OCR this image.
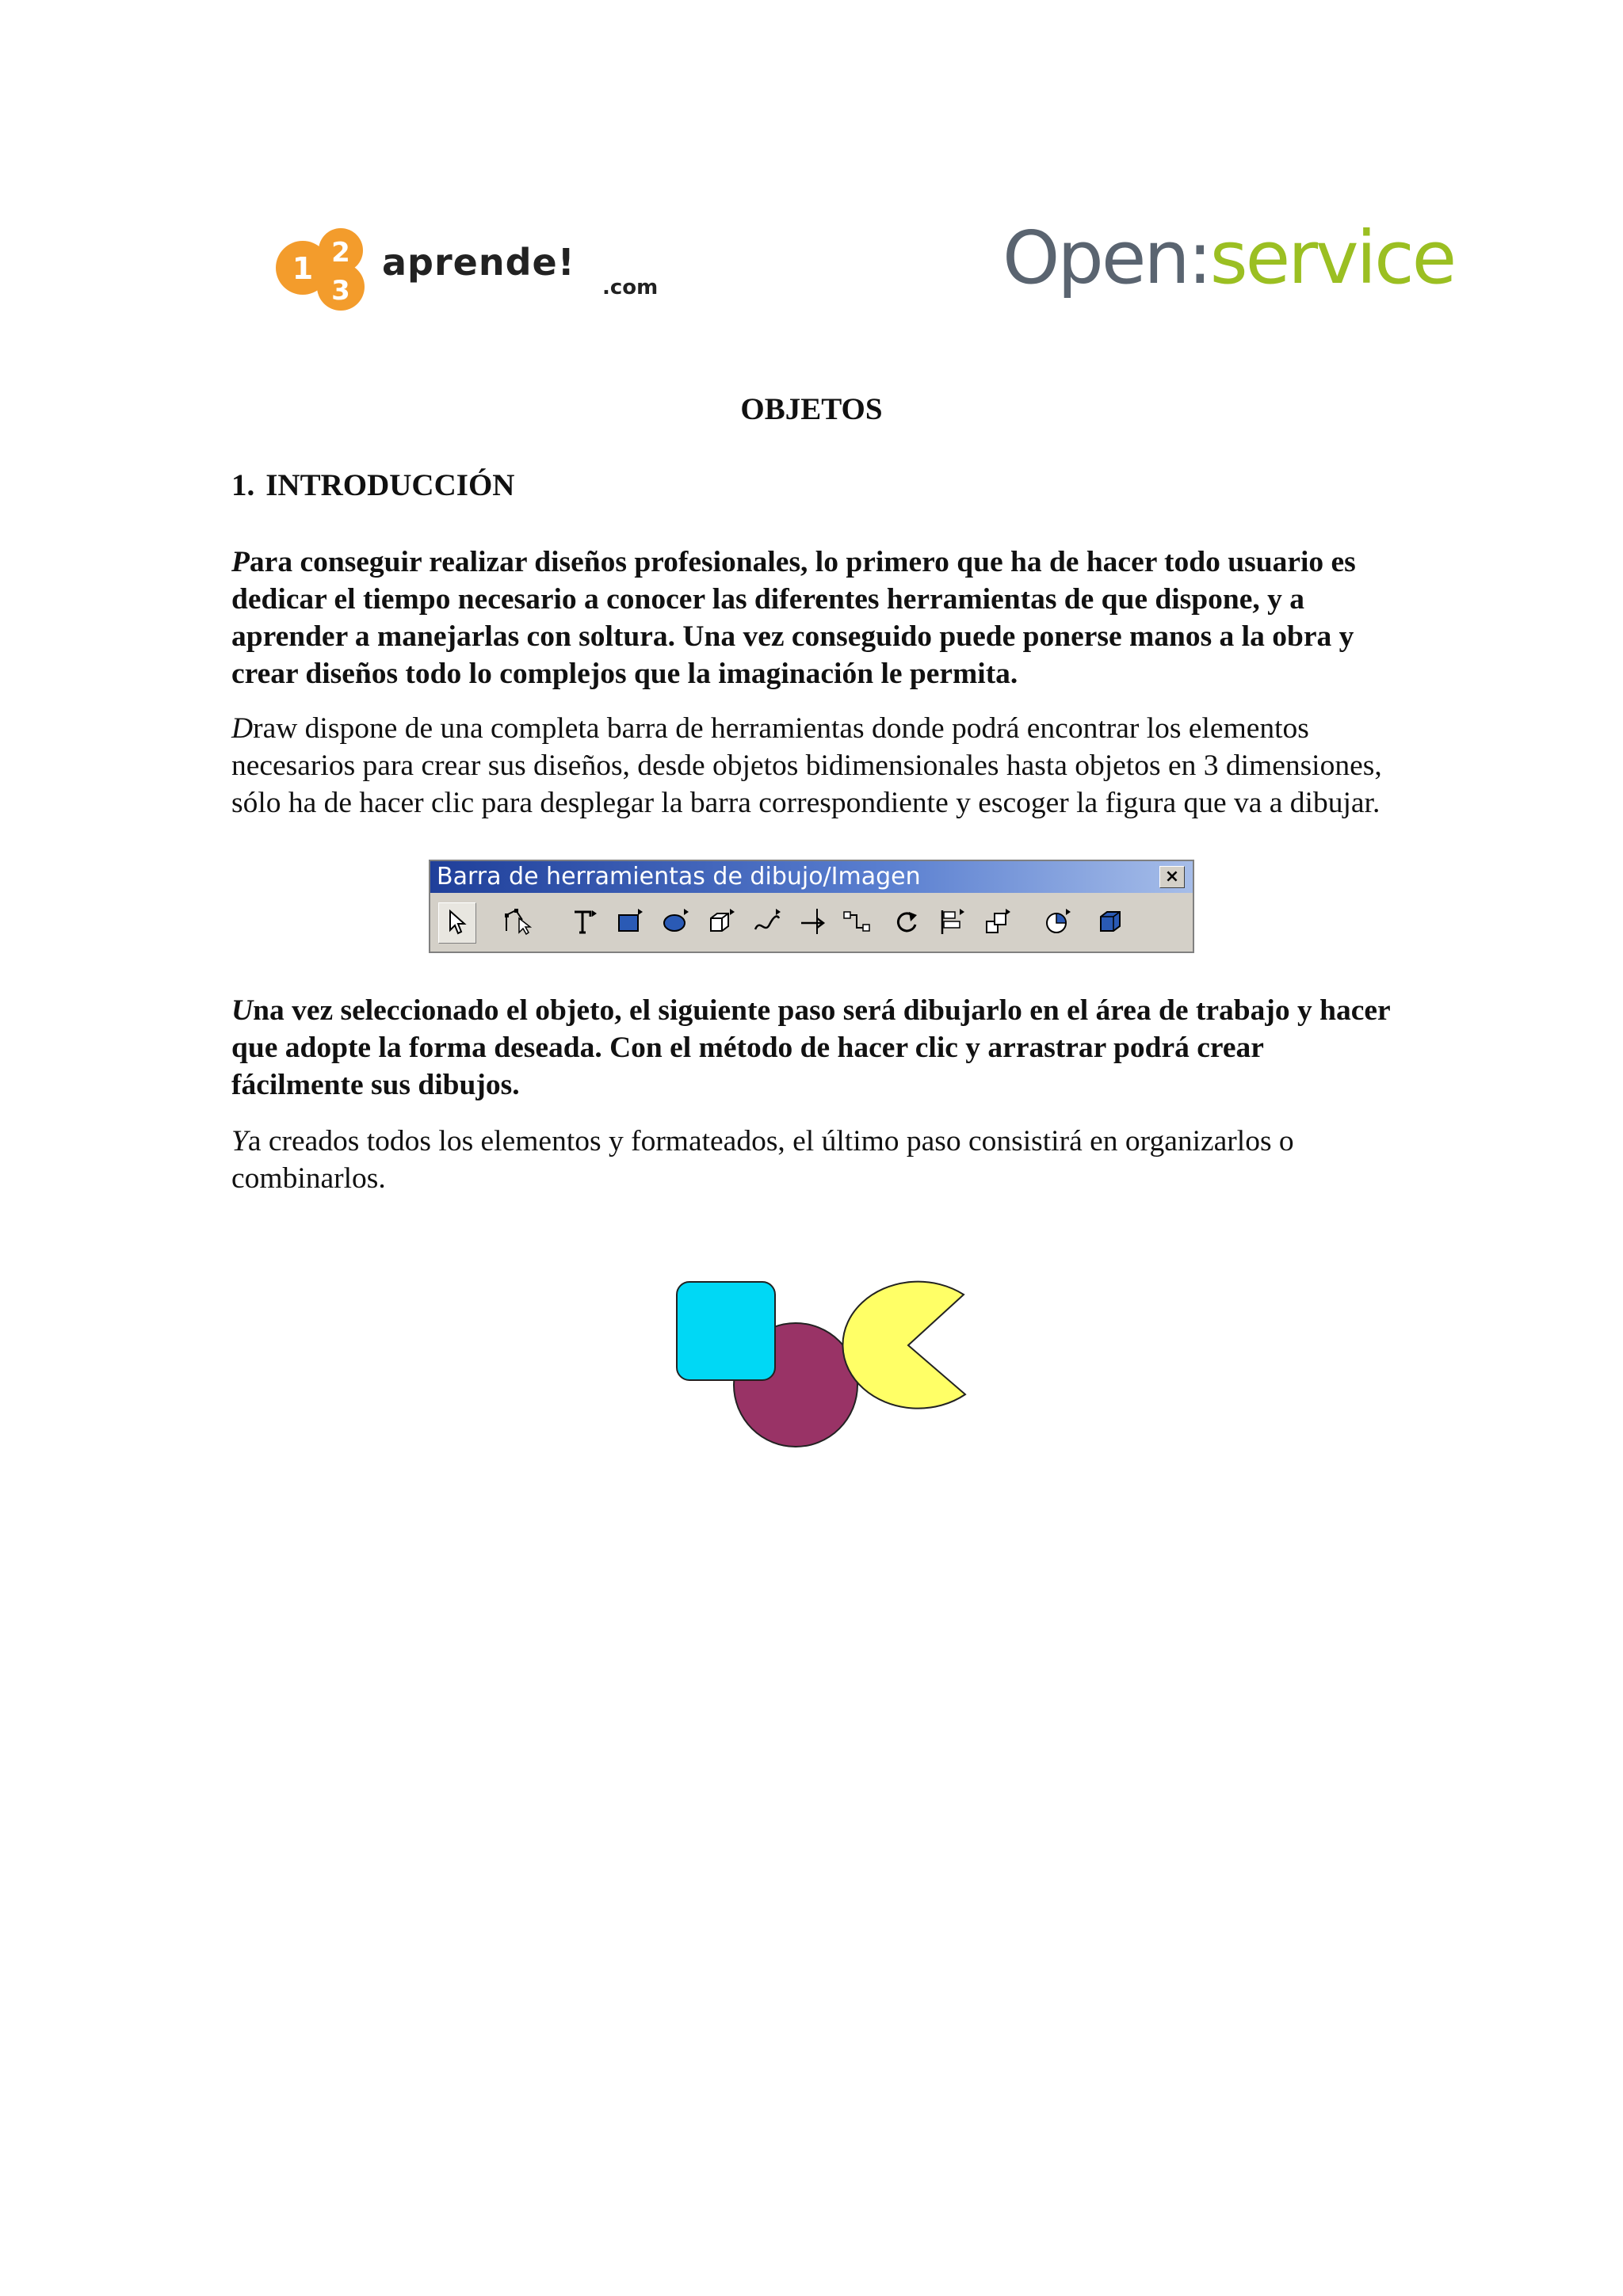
1 2
3
aprende!
.com	Open:service
OBJETOS
1. INTRODUCCIÓN

Para conseguir realizar diseños profesionales, lo primero que ha de hacer todo usuario es dedicar el tiempo necesario a conocer las diferentes herramientas de que dispone, y a aprender a manejarlas con soltura. Una vez conseguido puede ponerse manos a la obra y crear diseños todo lo complejos que la imaginación le permita.

Draw dispone de una completa barra de herramientas donde podrá encontrar los elementos necesarios para crear sus diseños, desde objetos bidimensionales hasta objetos en 3 dimensiones, sólo ha de hacer clic para desplegar la barra correspondiente y escoger la figura que va a dibujar.

Barra de herramientas de dibujo/Imagen	×

Una vez seleccionado el objeto, el siguiente paso será dibujarlo en el área de trabajo y hacer que adopte la forma deseada. Con el método de hacer clic y arrastrar podrá crear fácilmente sus dibujos.

Ya creados todos los elementos y formateados, el último paso consistirá en organizarlos o combinarlos.
